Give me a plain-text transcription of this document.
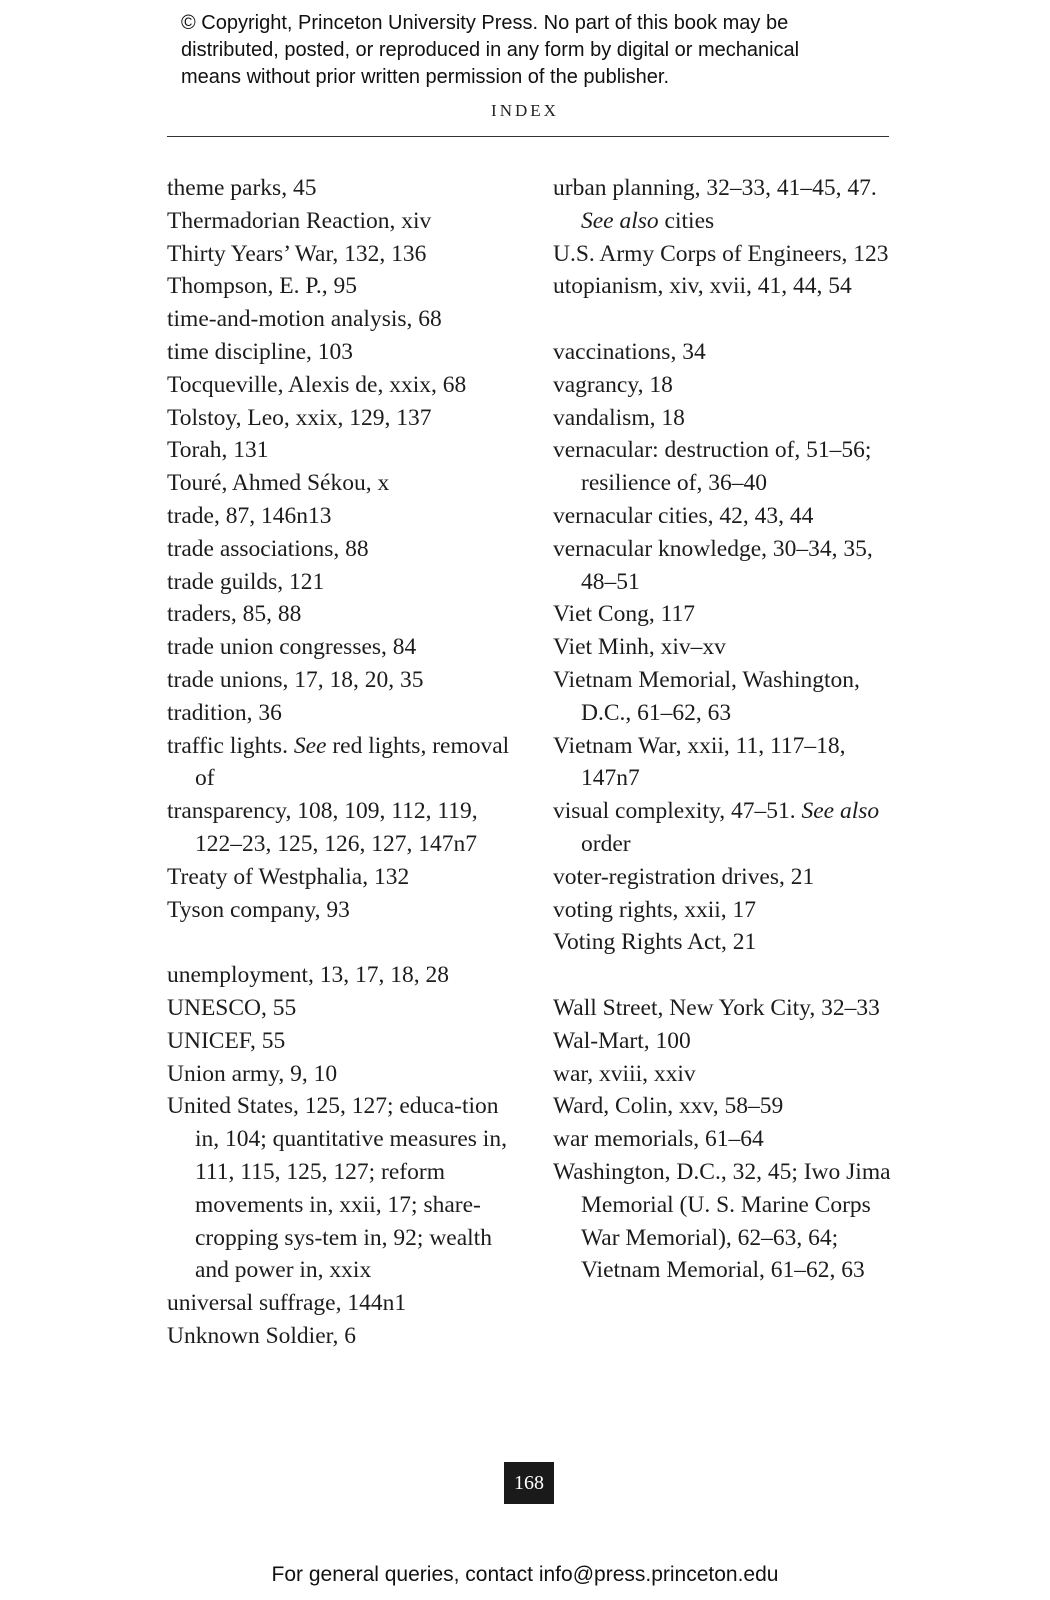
© Copyright, Princeton University Press. No part of this book may be
distributed, posted, or reproduced in any form by digital or mechanical
means without prior written permission of the publisher.
INDEX
theme parks, 45
Thermadorian Reaction, xiv
Thirty Years’ War, 132, 136
Thompson, E. P., 95
time-and-motion analysis, 68
time discipline, 103
Tocqueville, Alexis de, xxix, 68
Tolstoy, Leo, xxix, 129, 137
Torah, 131
Touré, Ahmed Sékou, x
trade, 87, 146n13
trade associations, 88
trade guilds, 121
traders, 85, 88
trade union congresses, 84
trade unions, 17, 18, 20, 35
tradition, 36
traffic lights. See red lights, removal of
transparency, 108, 109, 112, 119, 122–23, 125, 126, 127, 147n7
Treaty of Westphalia, 132
Tyson company, 93
unemployment, 13, 17, 18, 28
UNESCO, 55
UNICEF, 55
Union army, 9, 10
United States, 125, 127; educa-tion in, 104; quantitative measures in, 111, 115, 125, 127; reform movements in, xxii, 17; share-cropping sys-tem in, 92; wealth and power in, xxix
universal suffrage, 144n1
Unknown Soldier, 6
urban planning, 32–33, 41–45, 47. See also cities
U.S. Army Corps of Engineers, 123
utopianism, xiv, xvii, 41, 44, 54
vaccinations, 34
vagrancy, 18
vandalism, 18
vernacular: destruction of, 51–56; resilience of, 36–40
vernacular cities, 42, 43, 44
vernacular knowledge, 30–34, 35, 48–51
Viet Cong, 117
Viet Minh, xiv–xv
Vietnam Memorial, Washington, D.C., 61–62, 63
Vietnam War, xxii, 11, 117–18, 147n7
visual complexity, 47–51. See also order
voter-registration drives, 21
voting rights, xxii, 17
Voting Rights Act, 21
Wall Street, New York City, 32–33
Wal-Mart, 100
war, xviii, xxiv
Ward, Colin, xxv, 58–59
war memorials, 61–64
Washington, D.C., 32, 45; Iwo Jima Memorial (U. S. Marine Corps War Memorial), 62–63, 64; Vietnam Memorial, 61–62, 63
168
For general queries, contact info@press.princeton.edu
